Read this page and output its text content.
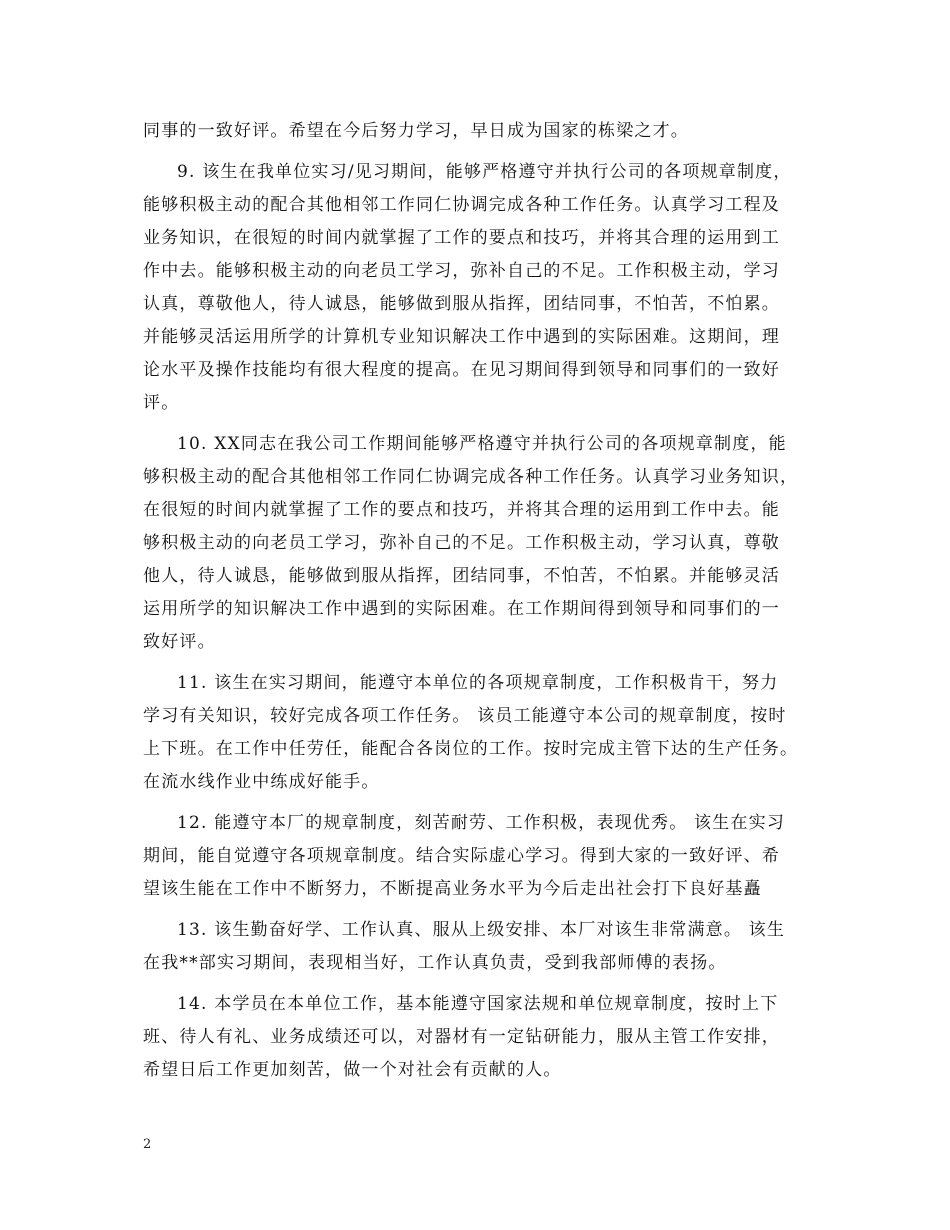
同事的一致好评。希望在今后努力学习，早日成为国家的栋梁之才。
9. 该生在我单位实习/见习期间，能够严格遵守并执行公司的各项规章制度，
能够积极主动的配合其他相邻工作同仁协调完成各种工作任务。认真学习工程及
业务知识，在很短的时间内就掌握了工作的要点和技巧，并将其合理的运用到工
作中去。能够积极主动的向老员工学习，弥补自己的不足。工作积极主动，学习
认真，尊敬他人，待人诚恳，能够做到服从指挥，团结同事，不怕苦，不怕累。
并能够灵活运用所学的计算机专业知识解决工作中遇到的实际困难。这期间，理
论水平及操作技能均有很大程度的提高。在见习期间得到领导和同事们的一致好
评。
10. XX同志在我公司工作期间能够严格遵守并执行公司的各项规章制度，能
够积极主动的配合其他相邻工作同仁协调完成各种工作任务。认真学习业务知识，
在很短的时间内就掌握了工作的要点和技巧，并将其合理的运用到工作中去。能
够积极主动的向老员工学习，弥补自己的不足。工作积极主动，学习认真，尊敬
他人，待人诚恳，能够做到服从指挥，团结同事，不怕苦，不怕累。并能够灵活
运用所学的知识解决工作中遇到的实际困难。在工作期间得到领导和同事们的一
致好评。
11. 该生在实习期间，能遵守本单位的各项规章制度，工作积极肯干，努力
学习有关知识，较好完成各项工作任务。 该员工能遵守本公司的规章制度，按时
上下班。在工作中任劳任，能配合各岗位的工作。按时完成主管下达的生产任务。
在流水线作业中练成好能手。
12. 能遵守本厂的规章制度，刻苦耐劳、工作积极，表现优秀。 该生在实习
期间，能自觉遵守各项规章制度。结合实际虚心学习。得到大家的一致好评、希
望该生能在工作中不断努力，不断提高业务水平为今后走出社会打下良好基矗
13. 该生勤奋好学、工作认真、服从上级安排、本厂对该生非常满意。 该生
在我**部实习期间，表现相当好，工作认真负责，受到我部师傅的表扬。
14. 本学员在本单位工作，基本能遵守国家法规和单位规章制度，按时上下
班、待人有礼、业务成绩还可以，对器材有一定钻研能力，服从主管工作安排，
希望日后工作更加刻苦，做一个对社会有贡献的人。
2
